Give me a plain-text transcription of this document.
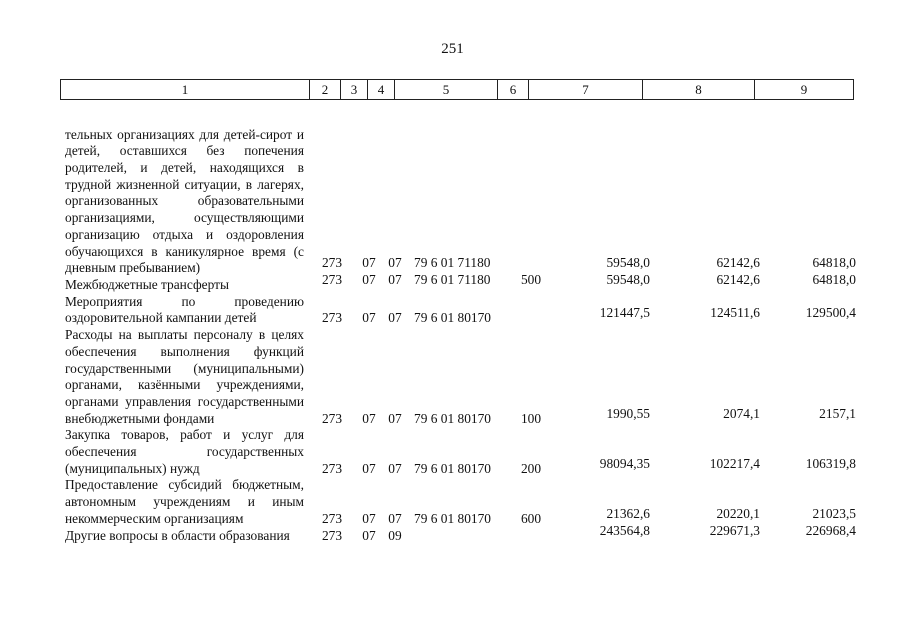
251
1	2	3	4	5	6	7	8	9
тельных организациях для детей-сирот и детей, оставшихся без попечения родителей, и детей, находящихся в трудной жизненной ситуации, в лагерях, организованных образовательными организациями, осуществляющими организацию отдыха и оздоровления обучающихся в каникулярное время (с дневным пребыванием)	273	07	07	79 6 01 71180		59548,0	62142,6	64818,0
Межбюджетные трансферты	273	07	07	79 6 01 71180	500	59548,0	62142,6	64818,0
Мероприятия по проведению оздоровительной кампании детей	273	07	07	79 6 01 80170		121447,5	124511,6	129500,4
Расходы на выплаты персоналу в целях обеспечения выполнения функций государственными (муниципальными) органами, казёнными учреждениями, органами управления государственными внебюджетными фондами	273	07	07	79 6 01 80170	100	1990,55	2074,1	2157,1
Закупка товаров, работ и услуг для обеспечения государственных (муниципальных) нужд	273	07	07	79 6 01 80170	200	98094,35	102217,4	106319,8
Предоставление субсидий бюджетным, автономным учреждениям и иным некоммерческим организациям	273	07	07	79 6 01 80170	600	21362,6	20220,1	21023,5
Другие вопросы в области образования	273	07	09			243564,8	229671,3	226968,4
